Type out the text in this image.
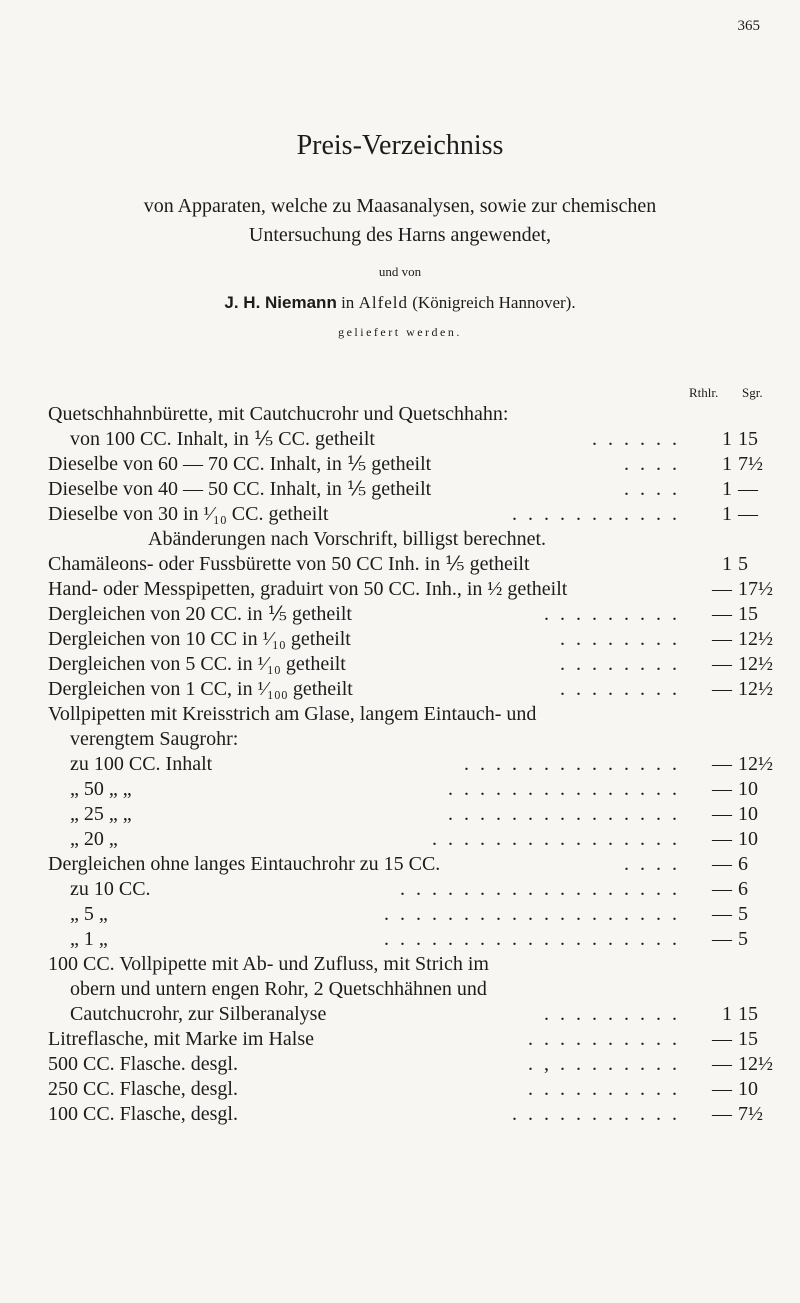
365
Preis-Verzeichniss
von Apparaten, welche zu Maasanalysen, sowie zur chemischen
Untersuchung des Harns angewendet,
und von
J. H. Niemann in Alfeld (Königreich Hannover).
geliefert werden.
Rthlr. Sgr.
Quetschhahnbürette, mit Cautchucrohr und Quetschhahn:
von 100 CC. Inhalt, in ⅕ CC. getheilt	. . . . . .	1 15
Dieselbe von 60 — 70 CC. Inhalt, in ⅕ getheilt	. . . .	1 7½
Dieselbe von 40 — 50 CC. Inhalt, in ⅕ getheilt	. . . .	1 —
Dieselbe von 30 in ¹⁄₁₀ CC. getheilt	. . . . . . . . . . .	1 —
Abänderungen nach Vorschrift, billigst berechnet.
Chamäleons- oder Fussbürette von 50 CC Inh. in ⅕ getheilt	1 5
Hand- oder Messpipetten, graduirt von 50 CC. Inh., in ½ getheilt	— 17½
Dergleichen von 20 CC. in ⅕ getheilt	. . . . . . . . .	— 15
Dergleichen von 10 CC in ¹⁄₁₀ getheilt	. . . . . . . .	— 12½
Dergleichen von 5 CC. in ¹⁄₁₀ getheilt	. . . . . . . .	— 12½
Dergleichen von 1 CC, in ¹⁄₁₀₀ getheilt	. . . . . . . .	— 12½
Vollpipetten mit Kreisstrich am Glase, langem Eintauch- und
verengtem Saugrohr:
zu 100 CC. Inhalt	. . . . . . . . . . . . . .	— 12½
„ 50 „ „	. . . . . . . . . . . . . . .	— 10
„ 25 „ „	. . . . . . . . . . . . . . .	— 10
„ 20 „	. . . . . . . . . . . . . . . .	— 10
Dergleichen ohne langes Eintauchrohr zu 15 CC.	. . . .	— 6
zu 10 CC.	. . . . . . . . . . . . . . . . . .	— 6
„ 5 „	. . . . . . . . . . . . . . . . . . .	— 5
„ 1 „	. . . . . . . . . . . . . . . . . . .	— 5
100 CC. Vollpipette mit Ab- und Zufluss, mit Strich im
obern und untern engen Rohr, 2 Quetschhähnen und
Cautchucrohr, zur Silberanalyse	. . . . . . . . .	1 15
Litreflasche, mit Marke im Halse	. . . . . . . . . .	— 15
500 CC. Flasche. desgl.	. , . . . . . . . .	— 12½
250 CC. Flasche, desgl.	. . . . . . . . . .	— 10
100 CC. Flasche, desgl.	. . . . . . . . . . .	— 7½
